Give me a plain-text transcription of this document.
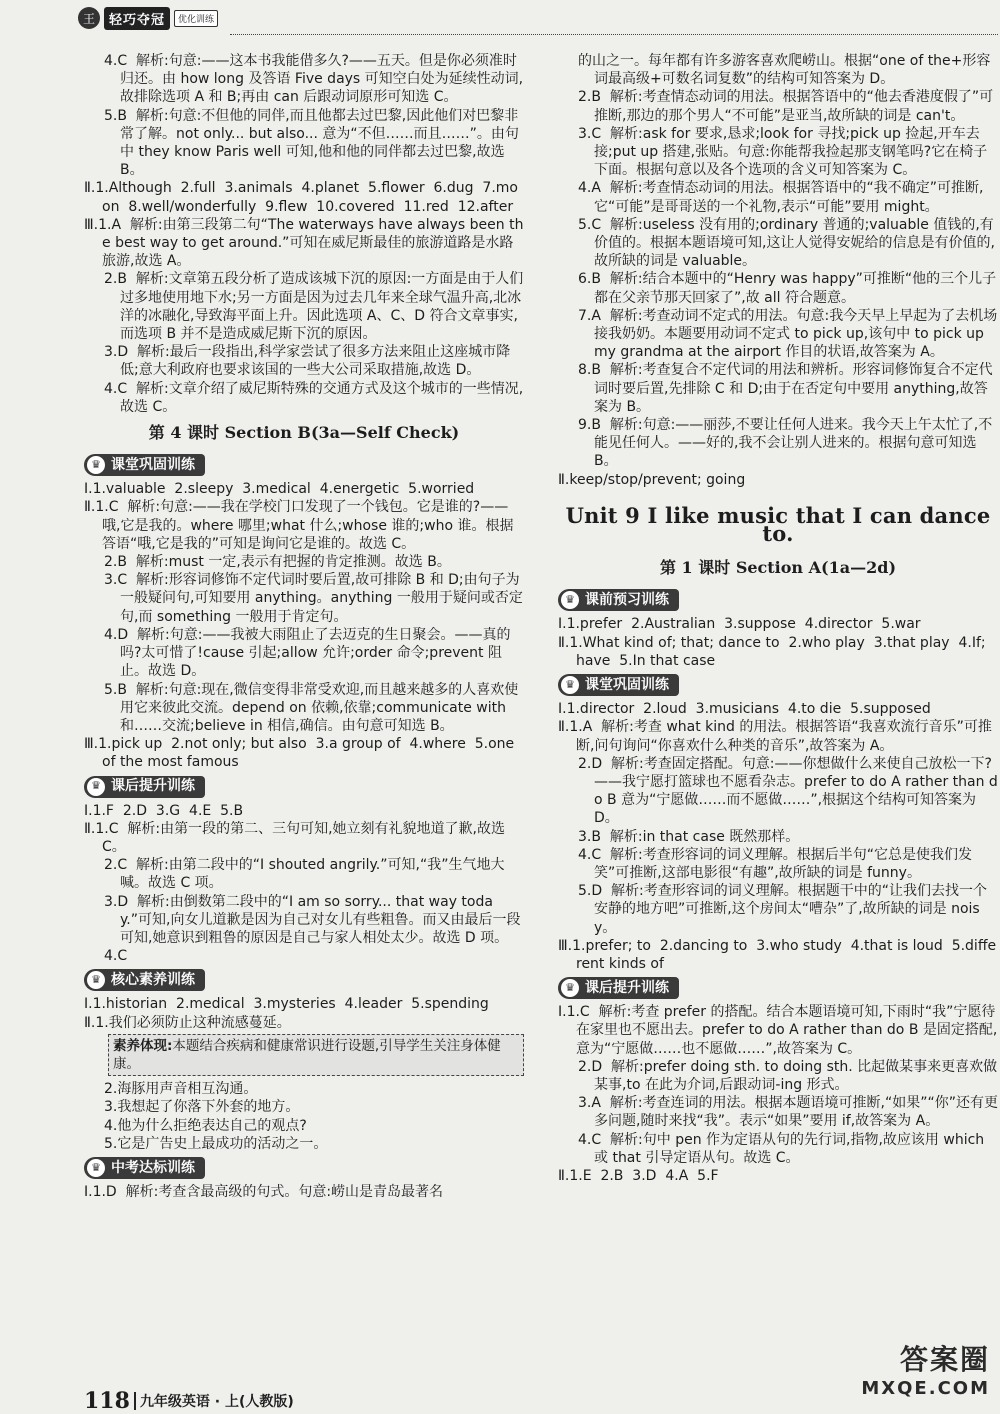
王	轻巧夺冠	优化训练

4.C  解析:句意:——这本书我能借多久?——五天。但是你必须准时归还。由 how long 及答语 Five days 可知空白处为延续性动词,故排除选项 A 和 B;再由 can 后跟动词原形可知选 C。

5.B  解析:句意:不但他的同伴,而且他都去过巴黎,因此他们对巴黎非常了解。not only... but also... 意为“不但……而且……”。由句中 they know Paris well 可知,他和他的同伴都去过巴黎,故选 B。

Ⅱ.1.Although  2.full  3.animals  4.planet  5.flower  6.dug  7.moon  8.well/wonderfully  9.flew  10.covered  11.red  12.after

Ⅲ.1.A  解析:由第三段第二句“The waterways have always been the best way to get around.”可知在威尼斯最佳的旅游道路是水路旅游,故选 A。

2.B  解析:文章第五段分析了造成该城下沉的原因:一方面是由于人们过多地使用地下水;另一方面是因为过去几年来全球气温升高,北冰洋的冰融化,导致海平面上升。因此选项 A、C、D 符合文章事实,而选项 B 并不是造成威尼斯下沉的原因。

3.D  解析:最后一段指出,科学家尝试了很多方法来阻止这座城市降低;意大利政府也要求该国的一些大公司采取措施,故选 D。

4.C  解析:文章介绍了威尼斯特殊的交通方式及这个城市的一些情况,故选 C。

第 4 课时 Section B(3a—Self Check)
♛ 课堂巩固训练

Ⅰ.1.valuable  2.sleepy  3.medical  4.energetic  5.worried

Ⅱ.1.C  解析:句意:——我在学校门口发现了一个钱包。它是谁的?——哦,它是我的。where 哪里;what 什么;whose 谁的;who 谁。根据答语“哦,它是我的”可知是询问它是谁的。故选 C。

2.B  解析:must 一定,表示有把握的肯定推测。故选 B。

3.C  解析:形容词修饰不定代词时要后置,故可排除 B 和 D;由句子为一般疑问句,可知要用 anything。anything 一般用于疑问或否定句,而 something 一般用于肯定句。

4.D  解析:句意:——我被大雨阻止了去迈克的生日聚会。——真的吗?太可惜了!cause 引起;allow 允许;order 命令;prevent 阻止。故选 D。

5.B  解析:句意:现在,微信变得非常受欢迎,而且越来越多的人喜欢使用它来彼此交流。depend on 依赖,依靠;communicate with 和……交流;believe in 相信,确信。由句意可知选 B。

Ⅲ.1.pick up  2.not only; but also  3.a group of  4.where  5.one of the most famous

♛ 课后提升训练

Ⅰ.1.F  2.D  3.G  4.E  5.B

Ⅱ.1.C  解析:由第一段的第二、三句可知,她立刻有礼貌地道了歉,故选 C。

2.C  解析:由第二段中的“I shouted angrily.”可知,“我”生气地大喊。故选 C 项。

3.D  解析:由倒数第二段中的“I am so sorry... that way today.”可知,向女儿道歉是因为自己对女儿有些粗鲁。而又由最后一段可知,她意识到粗鲁的原因是自己与家人相处太少。故选 D 项。

4.C

♛ 核心素养训练

Ⅰ.1.historian  2.medical  3.mysteries  4.leader  5.spending

Ⅱ.1.我们必须防止这种流感蔓延。

素养体现:本题结合疾病和健康常识进行设题,引导学生关注身体健康。

2.海豚用声音相互沟通。

3.我想起了你落下外套的地方。

4.他为什么拒绝表达自己的观点?

5.它是广告史上最成功的活动之一。

♛ 中考达标训练

Ⅰ.1.D  解析:考查含最高级的句式。句意:崂山是青岛最著名

的山之一。每年都有许多游客喜欢爬崂山。根据“one of the+形容词最高级+可数名词复数”的结构可知答案为 D。

2.B  解析:考查情态动词的用法。根据答语中的“他去香港度假了”可推断,那边的那个男人“不可能”是亚当,故所缺的词是 can't。

3.C  解析:ask for 要求,恳求;look for 寻找;pick up 捡起,开车去接;put up 搭建,张贴。句意:你能帮我捡起那支钢笔吗?它在椅子下面。根据句意以及各个选项的含义可知答案为 C。

4.A  解析:考查情态动词的用法。根据答语中的“我不确定”可推断,它“可能”是哥哥送的一个礼物,表示“可能”要用 might。

5.C  解析:useless 没有用的;ordinary 普通的;valuable 值钱的,有价值的。根据本题语境可知,这让人觉得安妮给的信息是有价值的,故所缺的词是 valuable。

6.B  解析:结合本题中的“Henry was happy”可推断“他的三个儿子都在父亲节那天回家了”,故 all 符合题意。

7.A  解析:考查动词不定式的用法。句意:我今天早上早起为了去机场接我奶奶。本题要用动词不定式 to pick up,该句中 to pick up my grandma at the airport 作目的状语,故答案为 A。

8.B  解析:考查复合不定代词的用法和辨析。形容词修饰复合不定代词时要后置,先排除 C 和 D;由于在否定句中要用 anything,故答案为 B。

9.B  解析:句意:——丽莎,不要让任何人进来。我今天上午太忙了,不能见任何人。——好的,我不会让别人进来的。根据句意可知选 B。

Ⅱ.keep/stop/prevent; going

Unit 9 I like music that I can dance to.
第 1 课时 Section A(1a—2d)
♛ 课前预习训练

Ⅰ.1.prefer  2.Australian  3.suppose  4.director  5.war

Ⅱ.1.What kind of; that; dance to  2.who play  3.that play  4.If; have  5.In that case

♛ 课堂巩固训练

Ⅰ.1.director  2.loud  3.musicians  4.to die  5.supposed

Ⅱ.1.A  解析:考查 what kind 的用法。根据答语“我喜欢流行音乐”可推断,问句询问“你喜欢什么种类的音乐”,故答案为 A。

2.D  解析:考查固定搭配。句意:——你想做什么来使自己放松一下?——我宁愿打篮球也不愿看杂志。prefer to do A rather than do B 意为“宁愿做……而不愿做……”,根据这个结构可知答案为 D。

3.B  解析:in that case 既然那样。

4.C  解析:考查形容词的词义理解。根据后半句“它总是使我们发笑”可推断,这部电影很“有趣”,故所缺的词是 funny。

5.D  解析:考查形容词的词义理解。根据题干中的“让我们去找一个安静的地方吧”可推断,这个房间太“嘈杂”了,故所缺的词是 noisy。

Ⅲ.1.prefer; to  2.dancing to  3.who study  4.that is loud  5.different kinds of

♛ 课后提升训练

Ⅰ.1.C  解析:考查 prefer 的搭配。结合本题语境可知,下雨时“我”宁愿待在家里也不愿出去。prefer to do A rather than do B 是固定搭配,意为“宁愿做……也不愿做……”,故答案为 C。

2.D  解析:prefer doing sth. to doing sth. 比起做某事来更喜欢做某事,to 在此为介词,后跟动词-ing 形式。

3.A  解析:考查连词的用法。根据本题语境可推断,“如果”“你”还有更多问题,随时来找“我”。表示“如果”要用 if,故答案为 A。

4.C  解析:句中 pen 作为定语从句的先行词,指物,故应该用 which 或 that 引导定语从句。故选 C。

Ⅱ.1.E  2.B  3.D  4.A  5.F

118 九年级英语 · 上(人教版)
答案圈
MXQE.COM
